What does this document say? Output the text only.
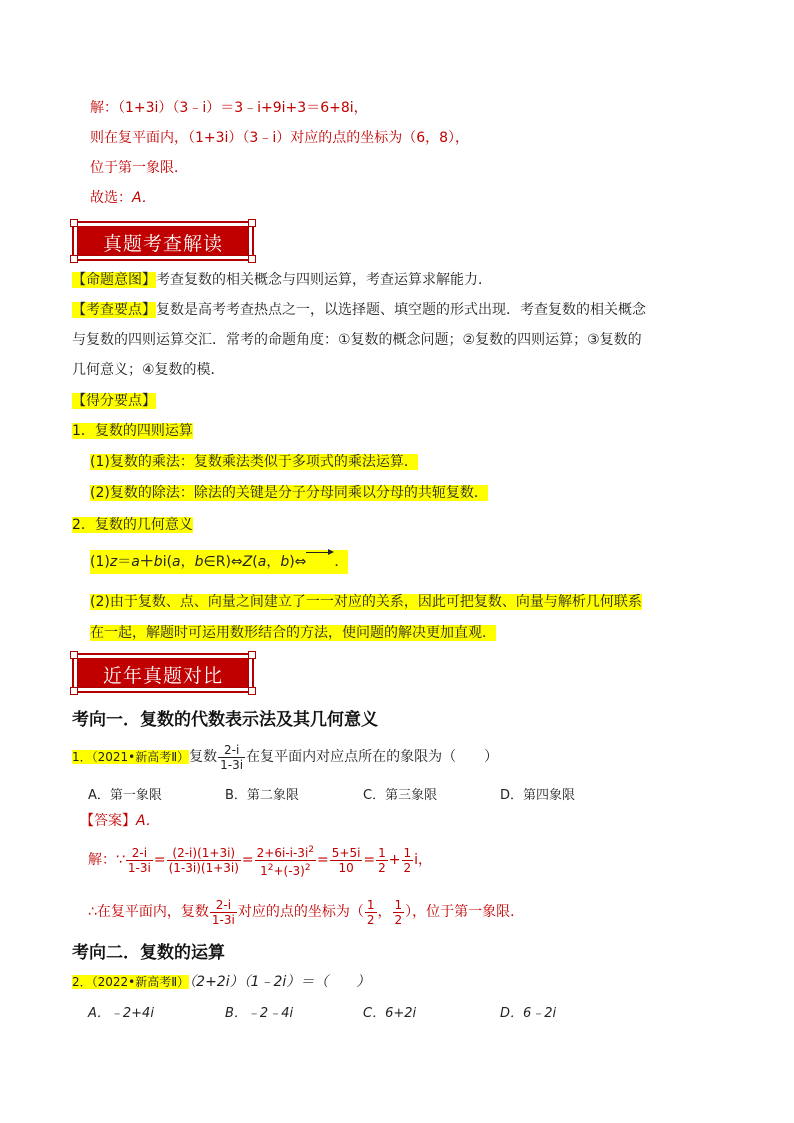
解：（1+3i）（3﹣i）＝3﹣i+9i+3＝6+8i，
则在复平面内，（1+3i）（3﹣i）对应的点的坐标为（6，8），
位于第一象限．
故选：A．
真题考查解读
【命题意图】考查复数的相关概念与四则运算，考查运算求解能力．
【考查要点】复数是高考考查热点之一，以选择题、填空题的形式出现．考查复数的相关概念
与复数的四则运算交汇．常考的命题角度：①复数的概念问题；②复数的四则运算；③复数的
几何意义；④复数的模．
【得分要点】
1．复数的四则运算
(1)复数的乘法：复数乘法类似于多项式的乘法运算．
(2)复数的除法：除法的关键是分子分母同乘以分母的共轭复数．
2．复数的几何意义
(1)z＝a＋bi(a，b∈R)⇔Z(a，b)⇔ ．
(2)由于复数、点、向量之间建立了一一对应的关系，因此可把复数、向量与解析几何联系
在一起，解题时可运用数形结合的方法，使问题的解决更加直观．
近年真题对比
考向一．复数的代数表示法及其几何意义
1．（2021•新高考Ⅱ）复数 $\frac{2-i}{1-3i}$ 在复平面内对应点所在的象限为（　　）
A．第一象限	B．第二象限	C．第三象限	D．第四象限
【答案】A．
解：∵ $\frac{2-i}{1-3i} = \frac{(2-i)(1+3i)}{(1-3i)(1+3i)} = \frac{2+6i-i-3i^2}{1^2+(-3)^2} = \frac{5+5i}{10} = \frac{1}{2} + \frac{1}{2}$ i，
∴在复平面内，复数 $\frac{2-i}{1-3i}$ 对应的点的坐标为（ $\frac{1}{2}$ ， $\frac{1}{2}$ ），位于第一象限．
考向二．复数的运算
2．（2022•新高考Ⅱ）（2+2i）（1﹣2i）＝（　　）
A．﹣2+4i	B．﹣2﹣4i	C．6+2i	D．6﹣2i
